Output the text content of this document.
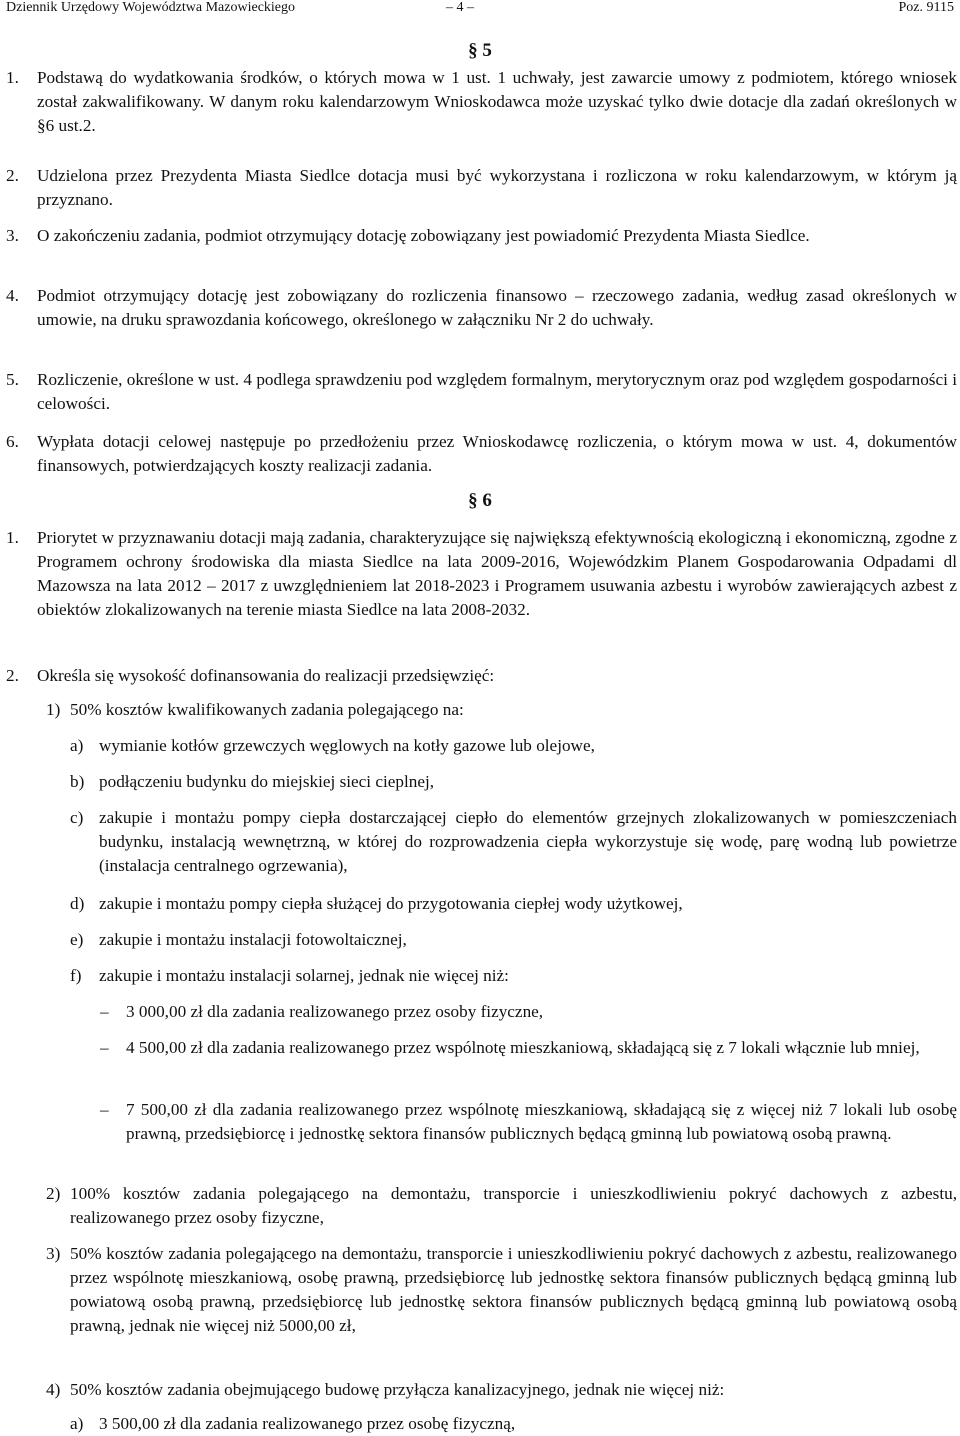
Dziennik Urzędowy Województwa Mazowieckiego	– 4 –	Poz. 9115
§ 5
1. Podstawą do wydatkowania środków, o których mowa w 1 ust. 1 uchwały, jest zawarcie umowy z podmiotem, którego wniosek został zakwalifikowany. W danym roku kalendarzowym Wnioskodawca może uzyskać tylko dwie dotacje dla zadań określonych w §6 ust.2.
2. Udzielona przez Prezydenta Miasta Siedlce dotacja musi być wykorzystana i rozliczona w roku kalendarzowym, w którym ją przyznano.
3. O zakończeniu zadania, podmiot otrzymujący dotację zobowiązany jest powiadomić Prezydenta Miasta Siedlce.
4. Podmiot otrzymujący dotację jest zobowiązany do rozliczenia finansowo – rzeczowego zadania, według zasad określonych w umowie, na druku sprawozdania końcowego, określonego w załączniku Nr 2 do uchwały.
5. Rozliczenie, określone w ust. 4 podlega sprawdzeniu pod względem formalnym, merytorycznym oraz pod względem gospodarności i celowości.
6. Wypłata dotacji celowej następuje po przedłożeniu przez Wnioskodawcę rozliczenia, o którym mowa w ust. 4, dokumentów finansowych, potwierdzających koszty realizacji zadania.
§ 6
1. Priorytet w przyznawaniu dotacji mają zadania, charakteryzujące się największą efektywnością ekologiczną i ekonomiczną, zgodne z Programem ochrony środowiska dla miasta Siedlce na lata 2009-2016, Wojewódzkim Planem Gospodarowania Odpadami dl Mazowsza na lata 2012 – 2017 z uwzględnieniem lat 2018-2023 i Programem usuwania azbestu i wyrobów zawierających azbest z obiektów zlokalizowanych na terenie miasta Siedlce na lata 2008-2032.
2. Określa się wysokość dofinansowania do realizacji przedsięwzięć:
1) 50% kosztów kwalifikowanych zadania polegającego na:
a) wymianie kotłów grzewczych węglowych na kotły gazowe lub olejowe,
b) podłączeniu budynku do miejskiej sieci cieplnej,
c) zakupie i montażu pompy ciepła dostarczającej ciepło do elementów grzejnych zlokalizowanych w pomieszczeniach budynku, instalacją wewnętrzną, w której do rozprowadzenia ciepła wykorzystuje się wodę, parę wodną lub powietrze (instalacja centralnego ogrzewania),
d) zakupie i montażu pompy ciepła służącej do przygotowania ciepłej wody użytkowej,
e) zakupie i montażu instalacji fotowoltaicznej,
f) zakupie i montażu instalacji solarnej, jednak nie więcej niż:
– 3 000,00 zł dla zadania realizowanego przez osoby fizyczne,
– 4 500,00 zł dla zadania realizowanego przez wspólnotę mieszkaniową, składającą się z 7 lokali włącznie lub mniej,
– 7 500,00 zł dla zadania realizowanego przez wspólnotę mieszkaniową, składającą się z więcej niż 7 lokali lub osobę prawną, przedsiębiorcę i jednostkę sektora finansów publicznych będącą gminną lub powiatową osobą prawną.
2) 100% kosztów zadania polegającego na demontażu, transporcie i unieszkodliwieniu pokryć dachowych z azbestu, realizowanego przez osoby fizyczne,
3) 50% kosztów zadania polegającego na demontażu, transporcie i unieszkodliwieniu pokryć dachowych z azbestu, realizowanego przez wspólnotę mieszkaniową, osobę prawną, przedsiębiorcę lub jednostkę sektora finansów publicznych będącą gminną lub powiatową osobą prawną, przedsiębiorcę lub jednostkę sektora finansów publicznych będącą gminną lub powiatową osobą prawną, jednak nie więcej niż 5000,00 zł,
4) 50% kosztów zadania obejmującego budowę przyłącza kanalizacyjnego, jednak nie więcej niż:
a) 3 500,00 zł dla zadania realizowanego przez osobę fizyczną,
